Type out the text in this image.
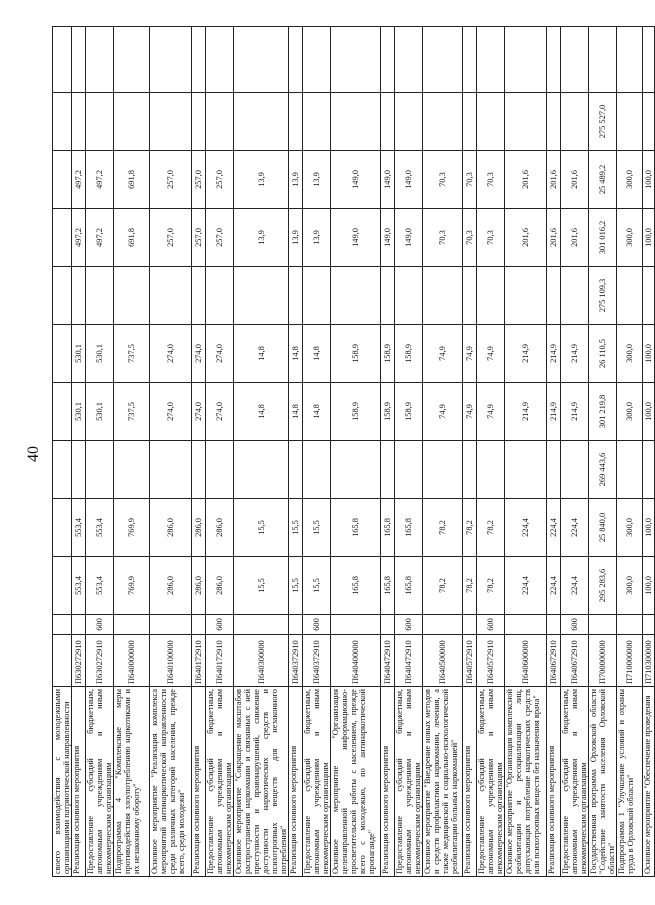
40
своего взаимодействия с молодежными организациями патриотической направленности												
Реализация основного мероприятия	П630272910		553,4	553,4		530,1	530,1		497,2	497,2		
Предоставление субсидий бюджетным, автономным учреждениям и иным некоммерческим организациям	П630272910	600	553,4	553,4		530,1	530,1		497,2	497,2		
Подпрограмма 4 "Комплексные меры противодействия злоупотреблению наркотиками и их незаконному обороту"	П640000000		769,9	769,9		737,5	737,5		691,8	691,8		
Основное мероприятие "Реализация комплекса мероприятий антинаркотической направленности среди различных категорий населения, прежде всего, среди молодежи"	П640100000		286,0	286,0		274,0	274,0		257,0	257,0		
Реализация основного мероприятия	П640172910		286,0	286,0		274,0	274,0		257,0	257,0		
Предоставление субсидий бюджетным, автономным учреждениям и иным некоммерческим организациям	П640172910	600	286,0	286,0		274,0	274,0		257,0	257,0		
Основное мероприятие "Сокращение масштабов распространения наркомании и связанных с ней преступности и правонарушений, снижение доступности наркотических средств и психотропных веществ для незаконного потребления"	П640300000		15,5	15,5		14,8	14,8		13,9	13,9		
Реализация основного мероприятия	П640372910		15,5	15,5		14,8	14,8		13,9	13,9		
Предоставление субсидий бюджетным, автономным учреждениям и иным некоммерческим организациям	П640372910	600	15,5	15,5		14,8	14,8		13,9	13,9		
Основное мероприятие "Организация целенаправленной информационно-просветительской работы с населением, прежде всего с молодежью, по антинаркотической пропаганде"	П640400000		165,8	165,8		158,9	158,9		149,0	149,0		
Реализация основного мероприятия	П640472910		165,8	165,8		158,9	158,9		149,0	149,0		
Предоставление субсидий бюджетным, автономным учреждениям и иным некоммерческим организациям	П640472910	600	165,8	165,8		158,9	158,9		149,0	149,0		
Основное мероприятие "Внедрение новых методов и средств профилактики наркомании, лечения, а также медицинской и социально-психологической реабилитации больных наркоманией"	П640500000		78,2	78,2		74,9	74,9		70,3	70,3		
Реализация основного мероприятия	П640572910		78,2	78,2		74,9	74,9		70,3	70,3		
Предоставление субсидий бюджетным, автономным учреждениям и иным некоммерческим организациям	П640572910	600	78,2	78,2		74,9	74,9		70,3	70,3		
Основное мероприятие "Организация комплексной реабилитации и ресоциализации лиц, допускающих потребление наркотических средств или психотропных веществ без назначения врача"	П640600000		224,4	224,4		214,9	214,9		201,6	201,6		
Реализация основного мероприятия	П640672910		224,4	224,4		214,9	214,9		201,6	201,6		
Предоставление субсидий бюджетным, автономным учреждениям и иным некоммерческим организациям	П640672910	600	224,4	224,4		214,9	214,9		201,6	201,6		
Государственная программа Орловской области "Содействие занятости населения Орловской области"	П700000000		295 283,6	25 840,0	269 443,6	301 219,8	26 110,5	275 109,3	301 016,2	25 489,2	275 527,0	
Подпрограмма 1 "Улучшение условий и охраны труда в Орловской области"	П710000000		300,0	300,0		300,0	300,0		300,0	300,0		
Основное мероприятие "Обеспечение проведения	П710300000		100,0	100,0		100,0	100,0		100,0	100,0		
